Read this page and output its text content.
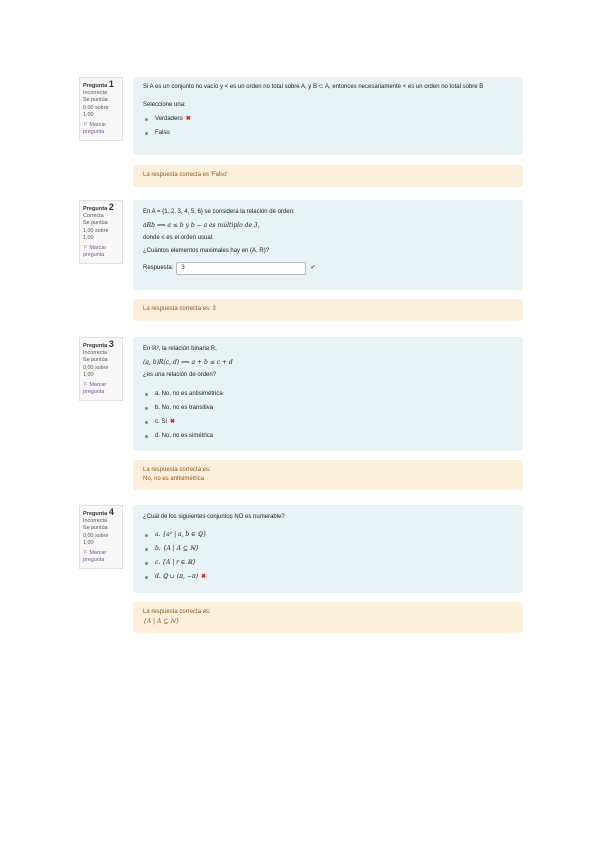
Pregunta 1
Incorrecta
Se puntúa 0,00 sobre 1,00
⚐ Marcar pregunta
Si A es un conjunto no vacío y < es un orden no total sobre A, y B ⊂ A, entonces necesariamente < es un orden no total sobre B
Seleccione una:
Verdadero ✖
Falso
La respuesta correcta es 'Falso'
Pregunta 2
Correcta
Se puntúa 1,00 sobre 1,00
⚐ Marcar pregunta
En A = {1, 2, 3, 4, 5, 6} se considera la relación de orden:
aRb ⟺ a ≤ b y b − a es múltiplo de 3,
donde ≤ es el orden usual.
¿Cuántos elementos maximales hay en (A, R)?
Respuesta:	3	✔
La respuesta correcta es: 3
Pregunta 3
Incorrecta
Se puntúa 0,00 sobre 1,00
⚐ Marcar pregunta
En ℝ², la relación binaria R,
(a, b)R(c, d) ⟺ a + b ≤ c + d
¿es una relación de orden?
a. No, no es antisimétrica
b. No, no es transitiva
c. Sí ✖
d. No, no es simétrica
La respuesta correcta es:
No, no es antisimétrica
Pregunta 4
Incorrecta
Se puntúa 0,00 sobre 1,00
⚐ Marcar pregunta
¿Cuál de los siguientes conjuntos NO es numerable?
a. {a² | a, b ∈ ℚ}
b. {A | A ⊆ ℕ}
c. {A | r ∈ ℝ}
d. ℚ ∪ (π, −π) ✖
La respuesta correcta es:
{A | A ⊆ ℕ}
